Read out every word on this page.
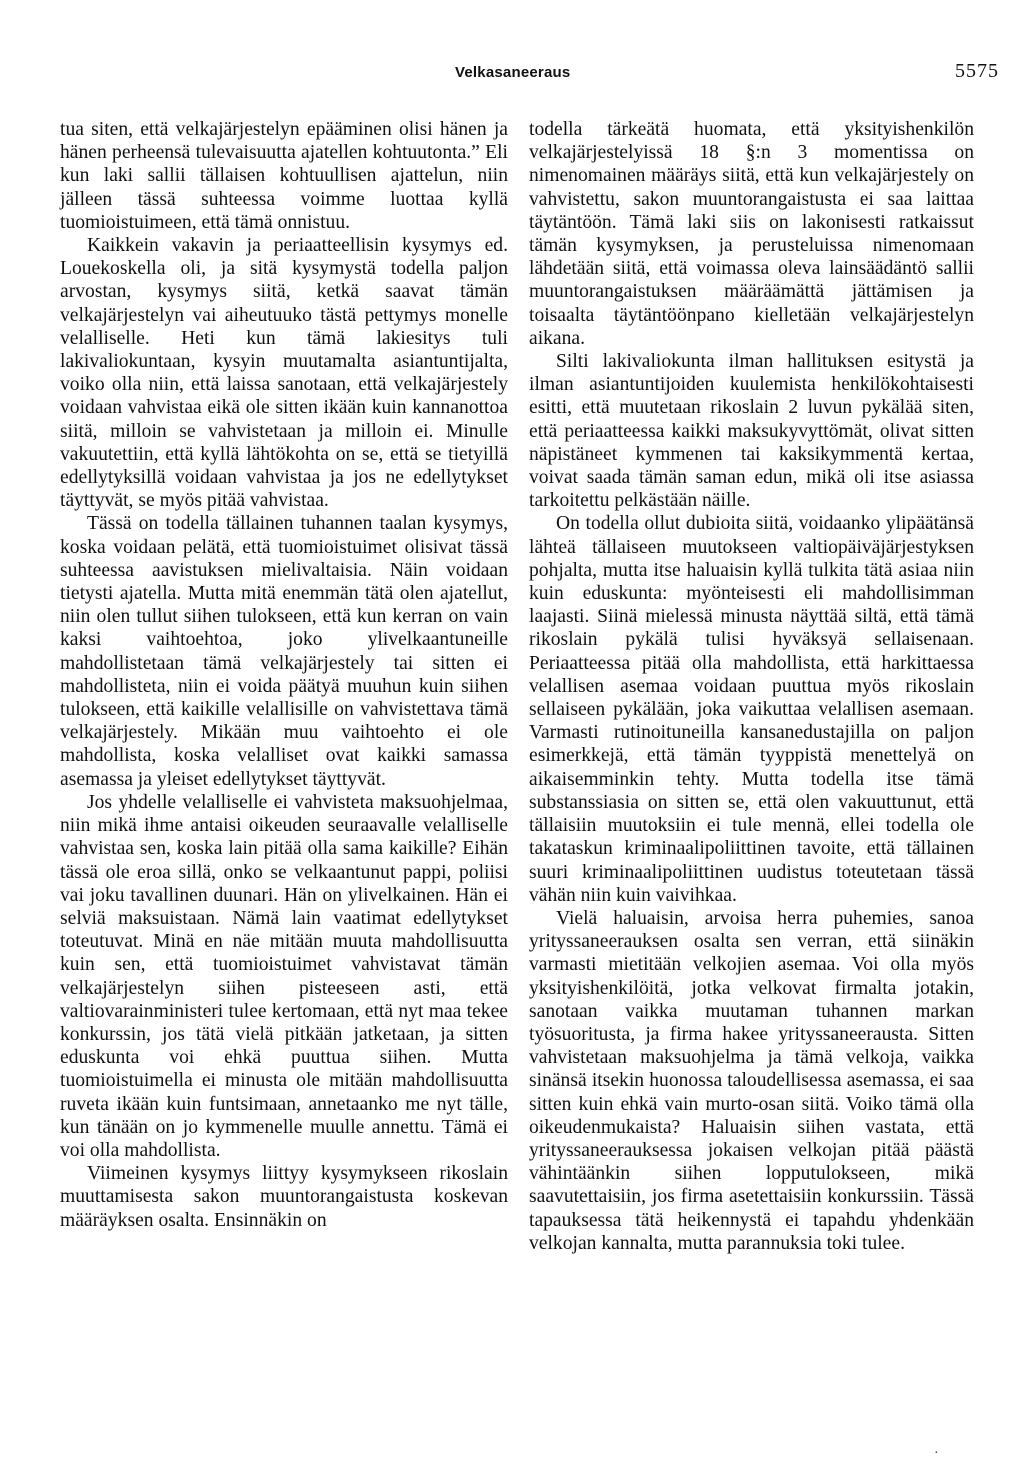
Velkasaneeraus	5575

tua siten, että velkajärjestelyn epääminen olisi hänen ja hänen perheensä tulevaisuutta ajatellen kohtuutonta.” Eli kun laki sallii tällaisen kohtuullisen ajattelun, niin jälleen tässä suhteessa voimme luottaa kyllä tuomioistuimeen, että tämä onnistuu.

Kaikkein vakavin ja periaatteellisin kysymys ed. Louekoskella oli, ja sitä kysymystä todella paljon arvostan, kysymys siitä, ketkä saavat tämän velkajärjestelyn vai aiheutuuko tästä pettymys monelle velalliselle. Heti kun tämä lakiesitys tuli lakivaliokuntaan, kysyin muutamalta asiantuntijalta, voiko olla niin, että laissa sanotaan, että velkajärjestely voidaan vahvistaa eikä ole sitten ikään kuin kannanottoa siitä, milloin se vahvistetaan ja milloin ei. Minulle vakuutettiin, että kyllä lähtökohta on se, että se tietyillä edellytyksillä voidaan vahvistaa ja jos ne edellytykset täyttyvät, se myös pitää vahvistaa.

Tässä on todella tällainen tuhannen taalan kysymys, koska voidaan pelätä, että tuomioistuimet olisivat tässä suhteessa aavistuksen mielivaltaisia. Näin voidaan tietysti ajatella. Mutta mitä enemmän tätä olen ajatellut, niin olen tullut siihen tulokseen, että kun kerran on vain kaksi vaihtoehtoa, joko ylivelkaantuneille mahdollistetaan tämä velkajärjestely tai sitten ei mahdollisteta, niin ei voida päätyä muuhun kuin siihen tulokseen, että kaikille velallisille on vahvistettava tämä velkajärjestely. Mikään muu vaihtoehto ei ole mahdollista, koska velalliset ovat kaikki samassa asemassa ja yleiset edellytykset täyttyvät.

Jos yhdelle velalliselle ei vahvisteta maksuohjelmaa, niin mikä ihme antaisi oikeuden seuraavalle velalliselle vahvistaa sen, koska lain pitää olla sama kaikille? Eihän tässä ole eroa sillä, onko se velkaantunut pappi, poliisi vai joku tavallinen duunari. Hän on ylivelkainen. Hän ei selviä maksuistaan. Nämä lain vaatimat edellytykset toteutuvat. Minä en näe mitään muuta mahdollisuutta kuin sen, että tuomioistuimet vahvistavat tämän velkajärjestelyn siihen pisteeseen asti, että valtiovarainministeri tulee kertomaan, että nyt maa tekee konkurssin, jos tätä vielä pitkään jatketaan, ja sitten eduskunta voi ehkä puuttua siihen. Mutta tuomioistuimella ei minusta ole mitään mahdollisuutta ruveta ikään kuin funtsimaan, annetaanko me nyt tälle, kun tänään on jo kymmenelle muulle annettu. Tämä ei voi olla mahdollista.

Viimeinen kysymys liittyy kysymykseen rikoslain muuttamisesta sakon muuntorangaistusta koskevan määräyksen osalta. Ensinnäkin on

todella tärkeätä huomata, että yksityishenkilön velkajärjestelyissä 18 §:n 3 momentissa on nimenomainen määräys siitä, että kun velkajärjestely on vahvistettu, sakon muuntorangaistusta ei saa laittaa täytäntöön. Tämä laki siis on lakonisesti ratkaissut tämän kysymyksen, ja perusteluissa nimenomaan lähdetään siitä, että voimassa oleva lainsäädäntö sallii muuntorangaistuksen määräämättä jättämisen ja toisaalta täytäntöönpano kielletään velkajärjestelyn aikana.

Silti lakivaliokunta ilman hallituksen esitystä ja ilman asiantuntijoiden kuulemista henkilökohtaisesti esitti, että muutetaan rikoslain 2 luvun pykälää siten, että periaatteessa kaikki maksukyvyttömät, olivat sitten näpistäneet kymmenen tai kaksikymmentä kertaa, voivat saada tämän saman edun, mikä oli itse asiassa tarkoitettu pelkästään näille.

On todella ollut dubioita siitä, voidaanko ylipäätänsä lähteä tällaiseen muutokseen valtiopäiväjärjestyksen pohjalta, mutta itse haluaisin kyllä tulkita tätä asiaa niin kuin eduskunta: myönteisesti eli mahdollisimman laajasti. Siinä mielessä minusta näyttää siltä, että tämä rikoslain pykälä tulisi hyväksyä sellaisenaan. Periaatteessa pitää olla mahdollista, että harkittaessa velallisen asemaa voidaan puuttua myös rikoslain sellaiseen pykälään, joka vaikuttaa velallisen asemaan. Varmasti rutinoituneilla kansanedustajilla on paljon esimerkkejä, että tämän tyyppistä menettelyä on aikaisemminkin tehty. Mutta todella itse tämä substanssiasia on sitten se, että olen vakuuttunut, että tällaisiin muutoksiin ei tule mennä, ellei todella ole takataskun kriminaalipoliittinen tavoite, että tällainen suuri kriminaalipoliittinen uudistus toteutetaan tässä vähän niin kuin vaivihkaa.

Vielä haluaisin, arvoisa herra puhemies, sanoa yrityssaneerauksen osalta sen verran, että siinäkin varmasti mietitään velkojien asemaa. Voi olla myös yksityishenkilöitä, jotka velkovat firmalta jotakin, sanotaan vaikka muutaman tuhannen markan työsuoritusta, ja firma hakee yrityssaneerausta. Sitten vahvistetaan maksuohjelma ja tämä velkoja, vaikka sinänsä itsekin huonossa taloudellisessa asemassa, ei saa sitten kuin ehkä vain murto-osan siitä. Voiko tämä olla oikeudenmukaista? Haluaisin siihen vastata, että yrityssaneerauksessa jokaisen velkojan pitää päästä vähintäänkin siihen lopputulokseen, mikä saavutettaisiin, jos firma asetettaisiin konkurssiin. Tässä tapauksessa tätä heikennystä ei tapahdu yhdenkään velkojan kannalta, mutta parannuksia toki tulee.

·
